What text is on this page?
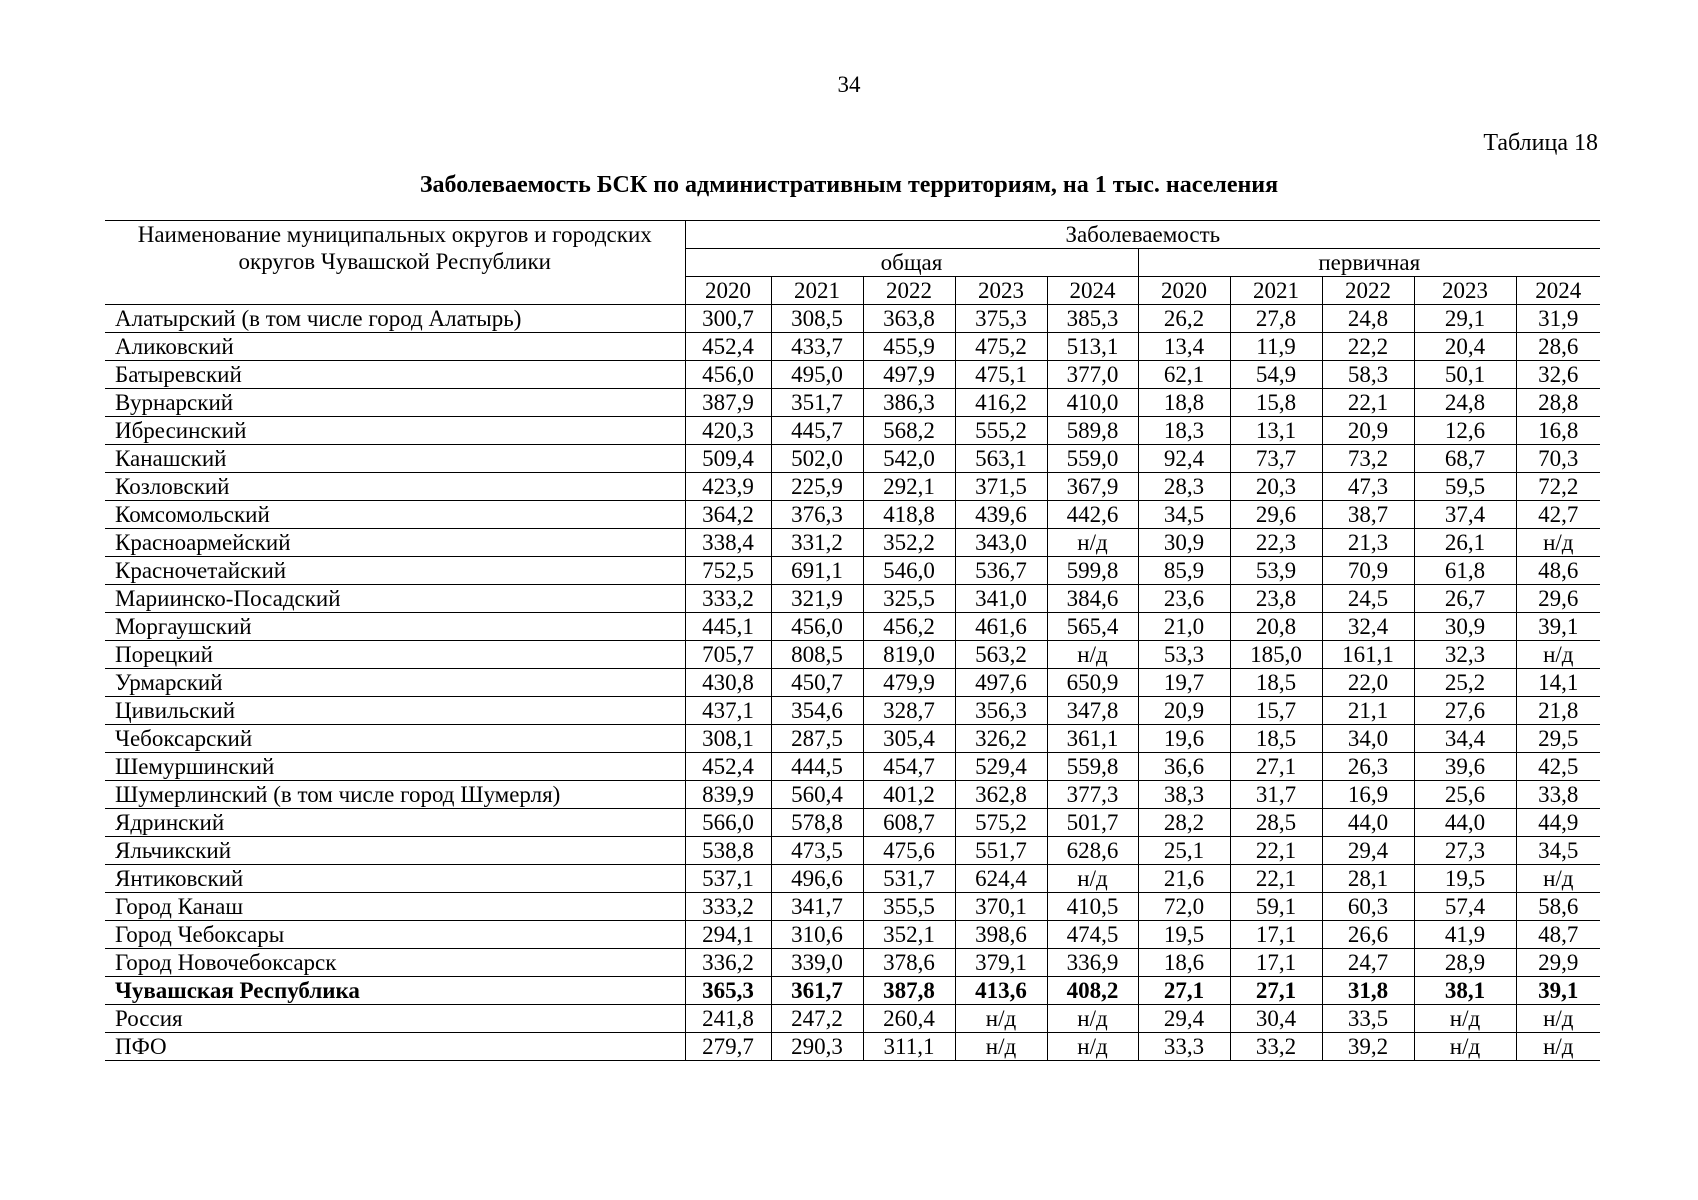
34
Таблица 18
Заболеваемость БСК по административным территориям, на 1 тыс. населения
Наименование муниципальных округов и городских округов Чувашской Республики	Заболеваемость									
	общая					первичная				
	2020	2021	2022	2023	2024	2020	2021	2022	2023	2024
Алатырский (в том числе город Алатырь)	300,7	308,5	363,8	375,3	385,3	26,2	27,8	24,8	29,1	31,9
Аликовский	452,4	433,7	455,9	475,2	513,1	13,4	11,9	22,2	20,4	28,6
Батыревский	456,0	495,0	497,9	475,1	377,0	62,1	54,9	58,3	50,1	32,6
Вурнарский	387,9	351,7	386,3	416,2	410,0	18,8	15,8	22,1	24,8	28,8
Ибресинский	420,3	445,7	568,2	555,2	589,8	18,3	13,1	20,9	12,6	16,8
Канашский	509,4	502,0	542,0	563,1	559,0	92,4	73,7	73,2	68,7	70,3
Козловский	423,9	225,9	292,1	371,5	367,9	28,3	20,3	47,3	59,5	72,2
Комсомольский	364,2	376,3	418,8	439,6	442,6	34,5	29,6	38,7	37,4	42,7
Красноармейский	338,4	331,2	352,2	343,0	н/д	30,9	22,3	21,3	26,1	н/д
Красночетайский	752,5	691,1	546,0	536,7	599,8	85,9	53,9	70,9	61,8	48,6
Мариинско-Посадский	333,2	321,9	325,5	341,0	384,6	23,6	23,8	24,5	26,7	29,6
Моргаушский	445,1	456,0	456,2	461,6	565,4	21,0	20,8	32,4	30,9	39,1
Порецкий	705,7	808,5	819,0	563,2	н/д	53,3	185,0	161,1	32,3	н/д
Урмарский	430,8	450,7	479,9	497,6	650,9	19,7	18,5	22,0	25,2	14,1
Цивильский	437,1	354,6	328,7	356,3	347,8	20,9	15,7	21,1	27,6	21,8
Чебоксарский	308,1	287,5	305,4	326,2	361,1	19,6	18,5	34,0	34,4	29,5
Шемуршинский	452,4	444,5	454,7	529,4	559,8	36,6	27,1	26,3	39,6	42,5
Шумерлинский (в том числе город Шумерля)	839,9	560,4	401,2	362,8	377,3	38,3	31,7	16,9	25,6	33,8
Ядринский	566,0	578,8	608,7	575,2	501,7	28,2	28,5	44,0	44,0	44,9
Яльчикский	538,8	473,5	475,6	551,7	628,6	25,1	22,1	29,4	27,3	34,5
Янтиковский	537,1	496,6	531,7	624,4	н/д	21,6	22,1	28,1	19,5	н/д
Город Канаш	333,2	341,7	355,5	370,1	410,5	72,0	59,1	60,3	57,4	58,6
Город Чебоксары	294,1	310,6	352,1	398,6	474,5	19,5	17,1	26,6	41,9	48,7
Город Новочебоксарск	336,2	339,0	378,6	379,1	336,9	18,6	17,1	24,7	28,9	29,9
Чувашская Республика	365,3	361,7	387,8	413,6	408,2	27,1	27,1	31,8	38,1	39,1
Россия	241,8	247,2	260,4	н/д	н/д	29,4	30,4	33,5	н/д	н/д
ПФО	279,7	290,3	311,1	н/д	н/д	33,3	33,2	39,2	н/д	н/д
